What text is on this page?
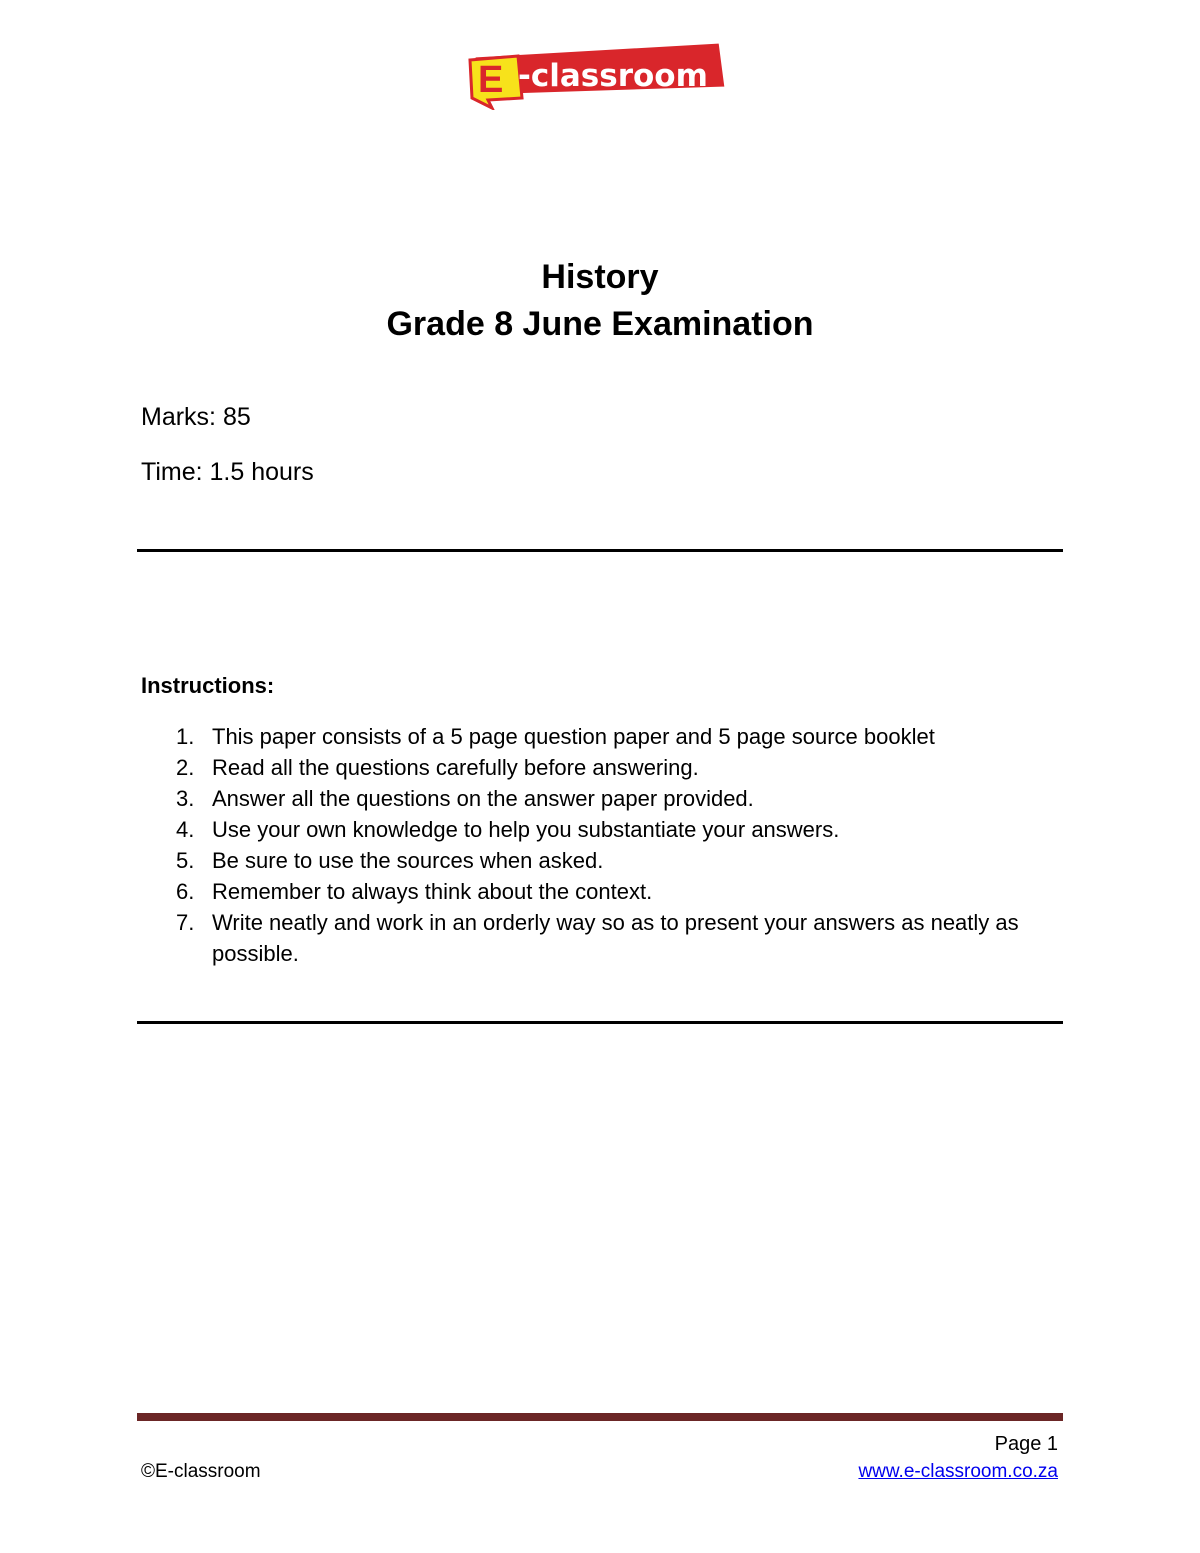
E -classroom
History
Grade 8 June Examination
Marks: 85
Time: 1.5 hours
Instructions:
1. This paper consists of a 5 page question paper and 5 page source booklet
2. Read all the questions carefully before answering.
3. Answer all the questions on the answer paper provided.
4. Use your own knowledge to help you substantiate your answers.
5. Be sure to use the sources when asked.
6. Remember to always think about the context.
7. Write neatly and work in an orderly way so as to present your answers as neatly as possible.
Page 1
©E-classroom	www.e-classroom.co.za
